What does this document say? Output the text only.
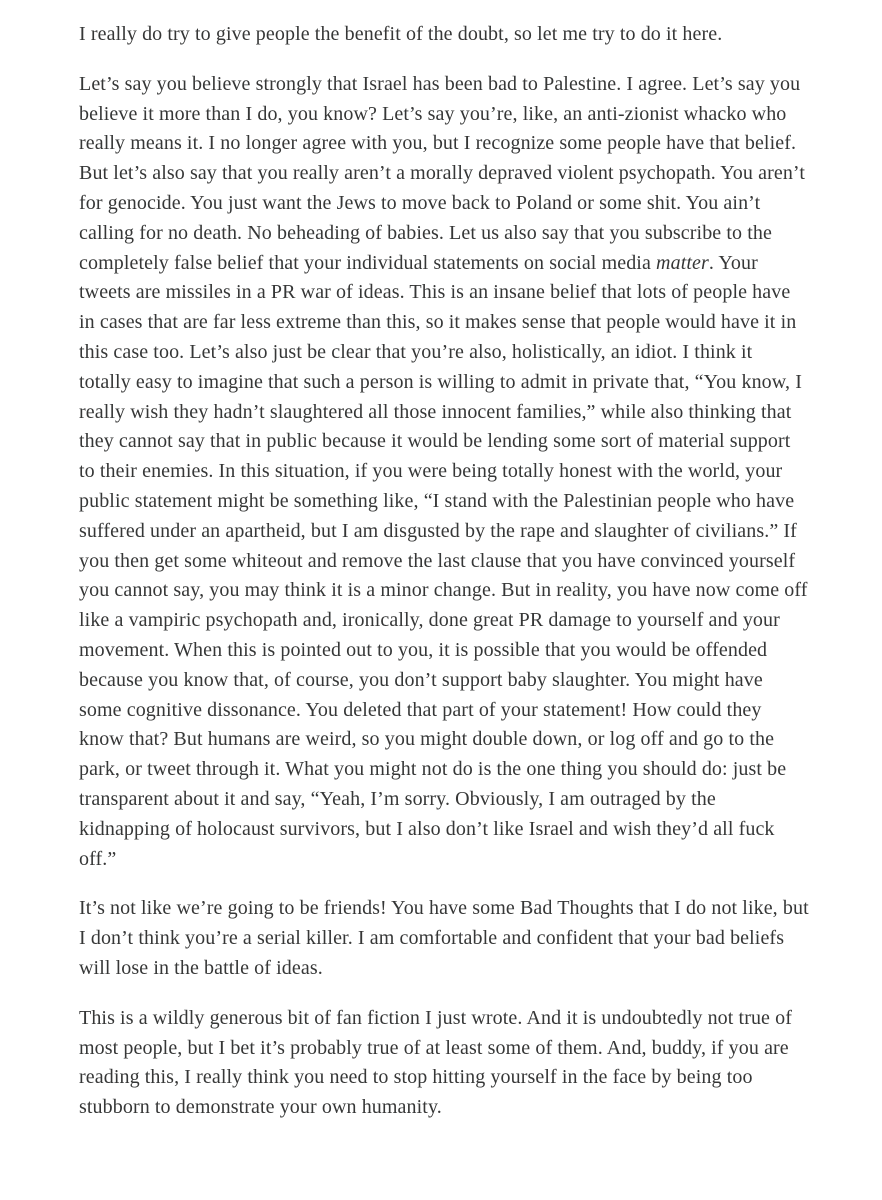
I really do try to give people the benefit of the doubt, so let me try to do it here.

Let’s say you believe strongly that Israel has been bad to Palestine. I agree. Let’s say you believe it more than I do, you know? Let’s say you’re, like, an anti-zionist whacko who really means it. I no longer agree with you, but I recognize some people have that belief. But let’s also say that you really aren’t a morally depraved violent psychopath. You aren’t for genocide. You just want the Jews to move back to Poland or some shit. You ain’t calling for no death. No beheading of babies. Let us also say that you subscribe to the completely false belief that your individual statements on social media matter. Your tweets are missiles in a PR war of ideas. This is an insane belief that lots of people have in cases that are far less extreme than this, so it makes sense that people would have it in this case too. Let’s also just be clear that you’re also, holistically, an idiot. I think it totally easy to imagine that such a person is willing to admit in private that, “You know, I really wish they hadn’t slaughtered all those innocent families,” while also thinking that they cannot say that in public because it would be lending some sort of material support to their enemies. In this situation, if you were being totally honest with the world, your public statement might be something like, “I stand with the Palestinian people who have suffered under an apartheid, but I am disgusted by the rape and slaughter of civilians.” If you then get some whiteout and remove the last clause that you have convinced yourself you cannot say, you may think it is a minor change. But in reality, you have now come off like a vampiric psychopath and, ironically, done great PR damage to yourself and your movement. When this is pointed out to you, it is possible that you would be offended because you know that, of course, you don’t support baby slaughter. You might have some cognitive dissonance. You deleted that part of your statement! How could they know that? But humans are weird, so you might double down, or log off and go to the park, or tweet through it. What you might not do is the one thing you should do: just be transparent about it and say, “Yeah, I’m sorry. Obviously, I am outraged by the kidnapping of holocaust survivors, but I also don’t like Israel and wish they’d all fuck off.”

It’s not like we’re going to be friends! You have some Bad Thoughts that I do not like, but I don’t think you’re a serial killer. I am comfortable and confident that your bad beliefs will lose in the battle of ideas.

This is a wildly generous bit of fan fiction I just wrote. And it is undoubtedly not true of most people, but I bet it’s probably true of at least some of them. And, buddy, if you are reading this, I really think you need to stop hitting yourself in the face by being too stubborn to demonstrate your own humanity.
